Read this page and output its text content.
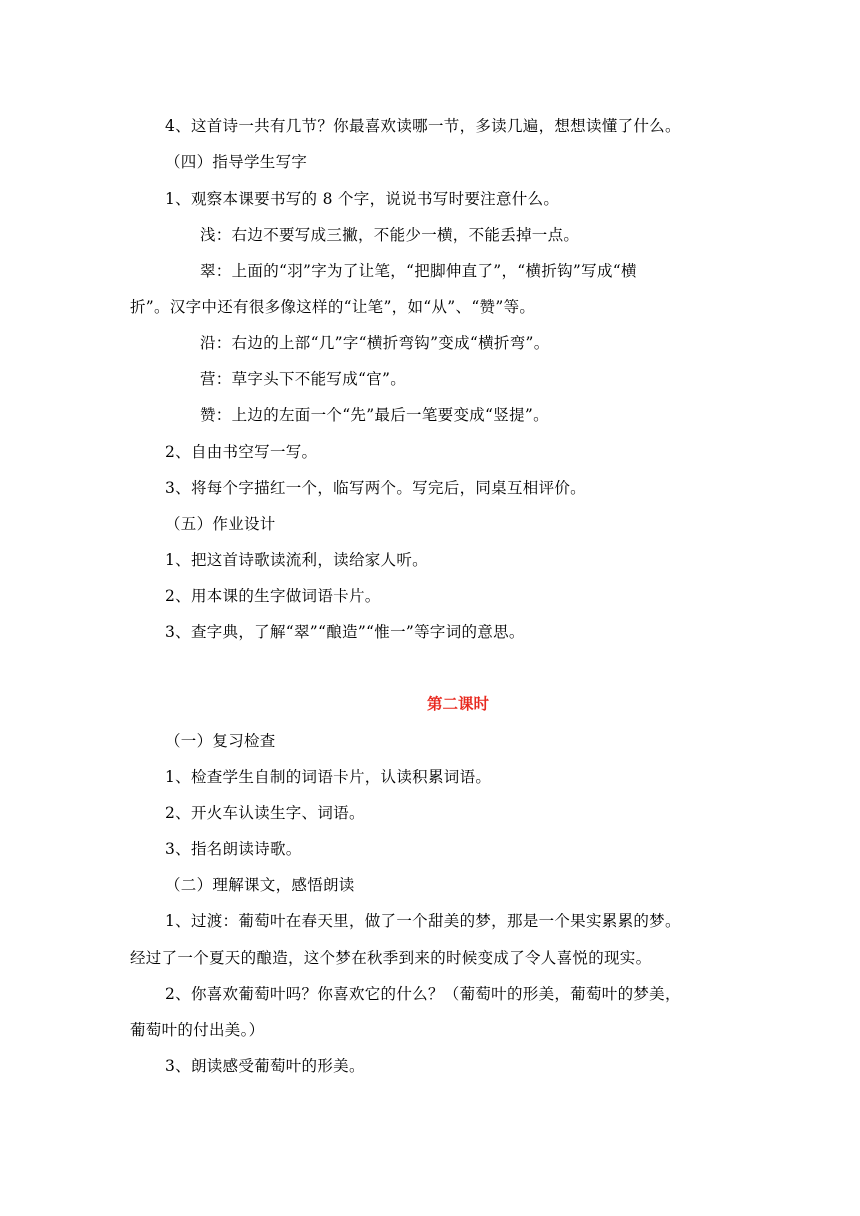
4、这首诗一共有几节？你最喜欢读哪一节，多读几遍，想想读懂了什么。
（四）指导学生写字
1、观察本课要书写的 8 个字，说说书写时要注意什么。
浅：右边不要写成三撇，不能少一横，不能丢掉一点。
翠：上面的“羽”字为了让笔，“把脚伸直了”，“横折钩”写成“横
折”。汉字中还有很多像这样的“让笔”，如“从”、“赞”等。
沿：右边的上部“几”字“横折弯钩”变成“横折弯”。
营：草字头下不能写成“官”。
赞：上边的左面一个“先”最后一笔要变成“竖提”。
2、自由书空写一写。
3、将每个字描红一个，临写两个。写完后，同桌互相评价。
（五）作业设计
1、把这首诗歌读流利，读给家人听。
2、用本课的生字做词语卡片。
3、查字典，了解“翠”“酿造”“惟一”等字词的意思。
第二课时
（一）复习检查
1、检查学生自制的词语卡片，认读积累词语。
2、开火车认读生字、词语。
3、指名朗读诗歌。
（二）理解课文，感悟朗读
1、过渡：葡萄叶在春天里，做了一个甜美的梦，那是一个果实累累的梦。
经过了一个夏天的酿造，这个梦在秋季到来的时候变成了令人喜悦的现实。
2、你喜欢葡萄叶吗？你喜欢它的什么？（葡萄叶的形美，葡萄叶的梦美，
葡萄叶的付出美。）
3、朗读感受葡萄叶的形美。
